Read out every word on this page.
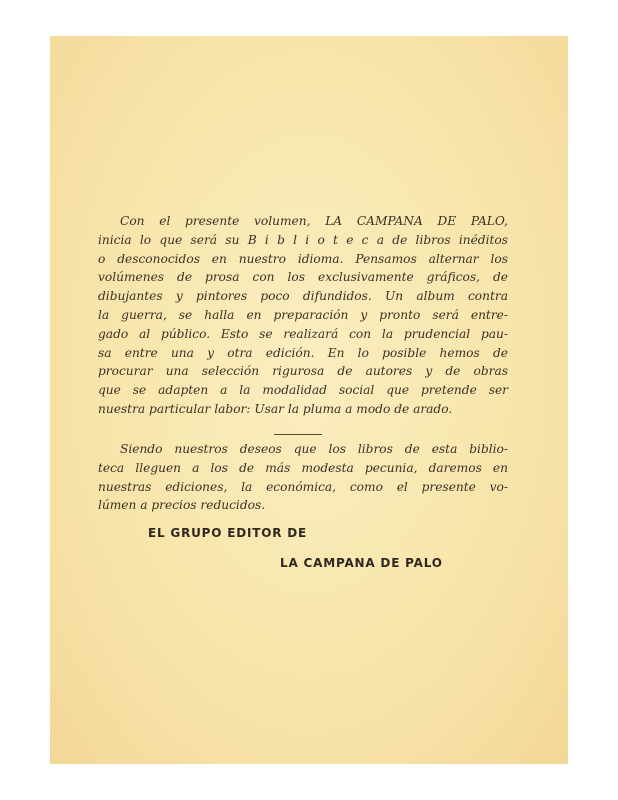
Con el presente volumen, LA CAMPANA DE PALO,
inicia lo que será su B i b l i o t e c a de libros inéditos
o desconocidos en nuestro idioma. Pensamos alternar los
volúmenes de prosa con los exclusivamente gráficos, de
dibujantes y pintores poco difundidos. Un album contra
la guerra, se halla en preparación y pronto será entre-
gado al público. Esto se realizará con la prudencial pau-
sa entre una y otra edición. En lo posible hemos de
procurar una selección rigurosa de autores y de obras
que se adapten a la modalidad social que pretende ser
nuestra particular labor: Usar la pluma a modo de arado.
Siendo nuestros deseos que los libros de esta biblio-
teca lleguen a los de más modesta pecunia, daremos en
nuestras ediciones, la económica, como el presente vo-
lúmen a precios reducidos.
EL GRUPO EDITOR DE
LA CAMPANA DE PALO
